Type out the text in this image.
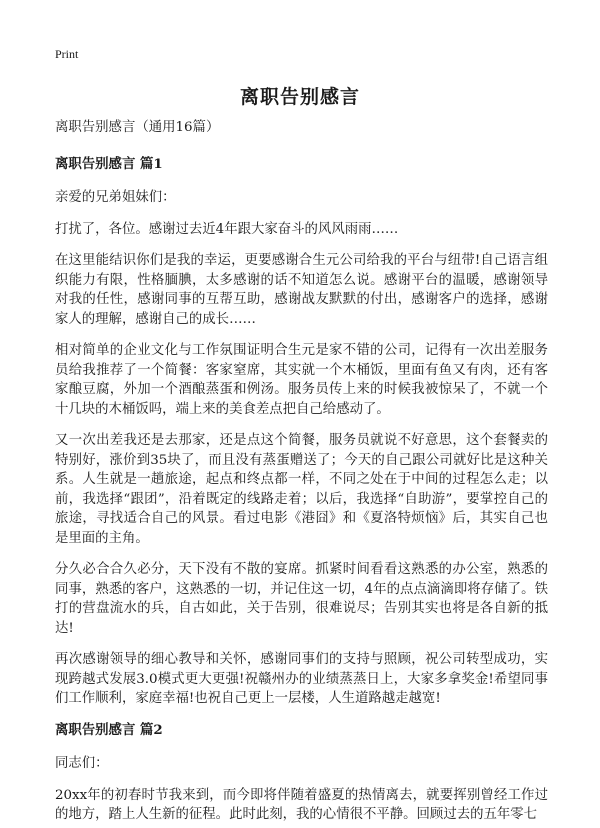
Print
离职告别感言

离职告别感言（通用16篇）

离职告别感言 篇1

亲爱的兄弟姐妹们：

打扰了，各位。感谢过去近4年跟大家奋斗的风风雨雨……

在这里能结识你们是我的幸运，更要感谢合生元公司给我的平台与纽带!自己语言组织能力有限，性格腼腆，太多感谢的话不知道怎么说。感谢平台的温暖，感谢领导对我的任性，感谢同事的互帮互助，感谢战友默默的付出，感谢客户的选择，感谢家人的理解，感谢自己的成长……

相对简单的企业文化与工作氛围证明合生元是家不错的公司，记得有一次出差服务员给我推荐了一个简餐：客家窒席，其实就一个木桶饭，里面有鱼又有肉，还有客家酿豆腐，外加一个酒酿蒸蛋和例汤。服务员传上来的时候我被惊呆了，不就一个十几块的木桶饭吗，端上来的美食差点把自己给感动了。

又一次出差我还是去那家，还是点这个简餐，服务员就说不好意思，这个套餐卖的特别好，涨价到35块了，而且没有蒸蛋赠送了；今天的自己跟公司就好比是这种关系。人生就是一趟旅途，起点和终点都一样，不同之处在于中间的过程怎么走；以前，我选择“跟团”，沿着既定的线路走着；以后，我选择“自助游”，要掌控自己的旅途，寻找适合自己的风景。看过电影《港囧》和《夏洛特烦恼》后，其实自己也是里面的主角。

分久必合合久必分，天下没有不散的宴席。抓紧时间看看这熟悉的办公室，熟悉的同事，熟悉的客户，这熟悉的一切，并记住这一切，4年的点点滴滴即将存储了。铁打的营盘流水的兵，自古如此，关于告别，很难说尽；告别其实也将是各自新的抵达!

再次感谢领导的细心教导和关怀，感谢同事们的支持与照顾，祝公司转型成功，实现跨越式发展3.0模式更大更强!祝赣州办的业绩蒸蒸日上，大家多拿奖金!希望同事们工作顺利，家庭幸福!也祝自己更上一层楼，人生道路越走越宽!

离职告别感言 篇2

同志们：

20xx年的初春时节我来到，而今即将伴随着盛夏的热情离去，就要挥别曾经工作过的地方，踏上人生新的征程。此时此刻，我的心情很不平静。回顾过去的五年零七
